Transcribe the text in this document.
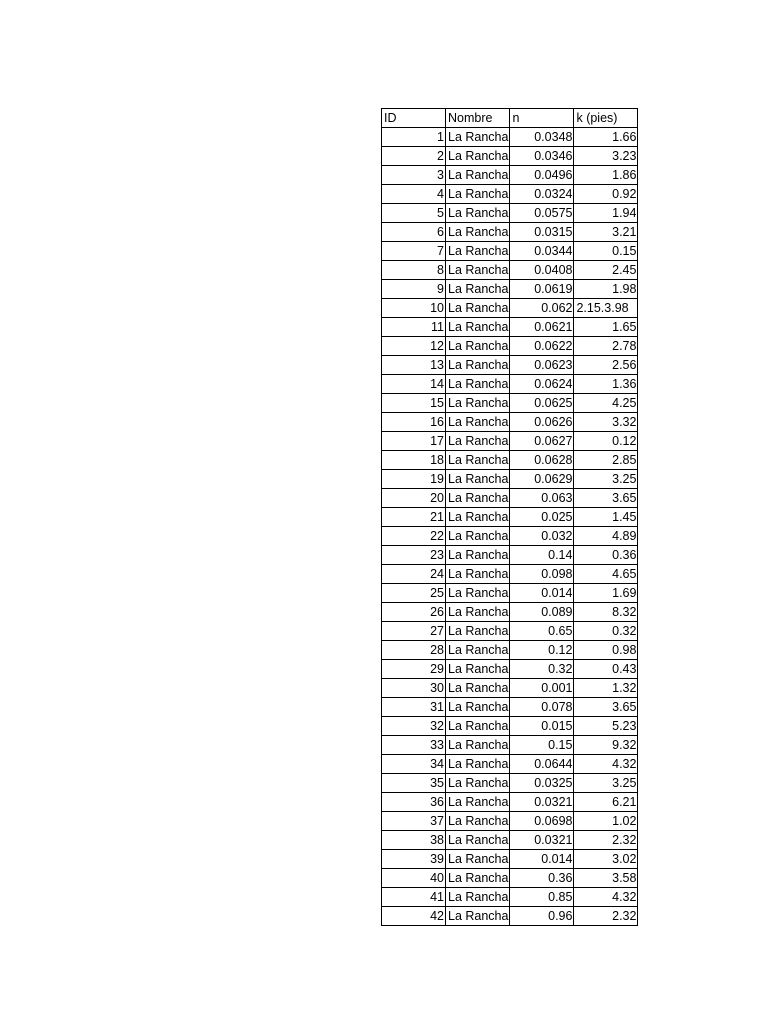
ID	Nombre	n	k (pies)
1	La Rancha	0.0348	1.66
2	La Rancha	0.0346	3.23
3	La Rancha	0.0496	1.86
4	La Rancha	0.0324	0.92
5	La Rancha	0.0575	1.94
6	La Rancha	0.0315	3.21
7	La Rancha	0.0344	0.15
8	La Rancha	0.0408	2.45
9	La Rancha	0.0619	1.98
10	La Rancha	0.062	2.15.3.98
11	La Rancha	0.0621	1.65
12	La Rancha	0.0622	2.78
13	La Rancha	0.0623	2.56
14	La Rancha	0.0624	1.36
15	La Rancha	0.0625	4.25
16	La Rancha	0.0626	3.32
17	La Rancha	0.0627	0.12
18	La Rancha	0.0628	2.85
19	La Rancha	0.0629	3.25
20	La Rancha	0.063	3.65
21	La Rancha	0.025	1.45
22	La Rancha	0.032	4.89
23	La Rancha	0.14	0.36
24	La Rancha	0.098	4.65
25	La Rancha	0.014	1.69
26	La Rancha	0.089	8.32
27	La Rancha	0.65	0.32
28	La Rancha	0.12	0.98
29	La Rancha	0.32	0.43
30	La Rancha	0.001	1.32
31	La Rancha	0.078	3.65
32	La Rancha	0.015	5.23
33	La Rancha	0.15	9.32
34	La Rancha	0.0644	4.32
35	La Rancha	0.0325	3.25
36	La Rancha	0.0321	6.21
37	La Rancha	0.0698	1.02
38	La Rancha	0.0321	2.32
39	La Rancha	0.014	3.02
40	La Rancha	0.36	3.58
41	La Rancha	0.85	4.32
42	La Rancha	0.96	2.32
